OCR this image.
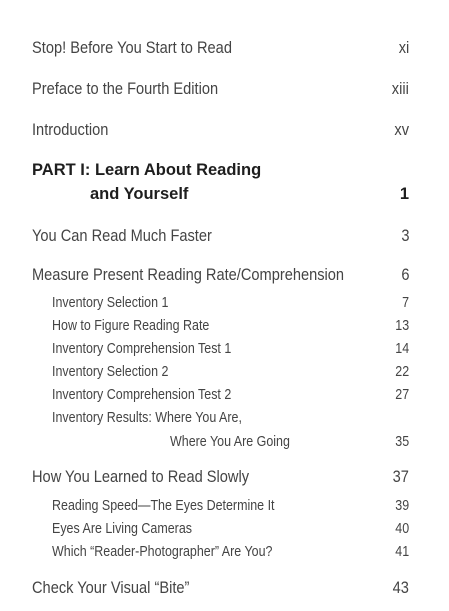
Stop! Before You Start to Read	xi
Preface to the Fourth Edition	xiii
Introduction	xv
PART I: Learn About Reading
and Yourself	1
You Can Read Much Faster	3
Measure Present Reading Rate/Comprehension	6
Inventory Selection 1	7
How to Figure Reading Rate	13
Inventory Comprehension Test 1	14
Inventory Selection 2	22
Inventory Comprehension Test 2	27
Inventory Results: Where You Are,
Where You Are Going	35
How You Learned to Read Slowly	37
Reading Speed—The Eyes Determine It	39
Eyes Are Living Cameras	40
Which “Reader-Photographer” Are You?	41
Check Your Visual “Bite”	43
